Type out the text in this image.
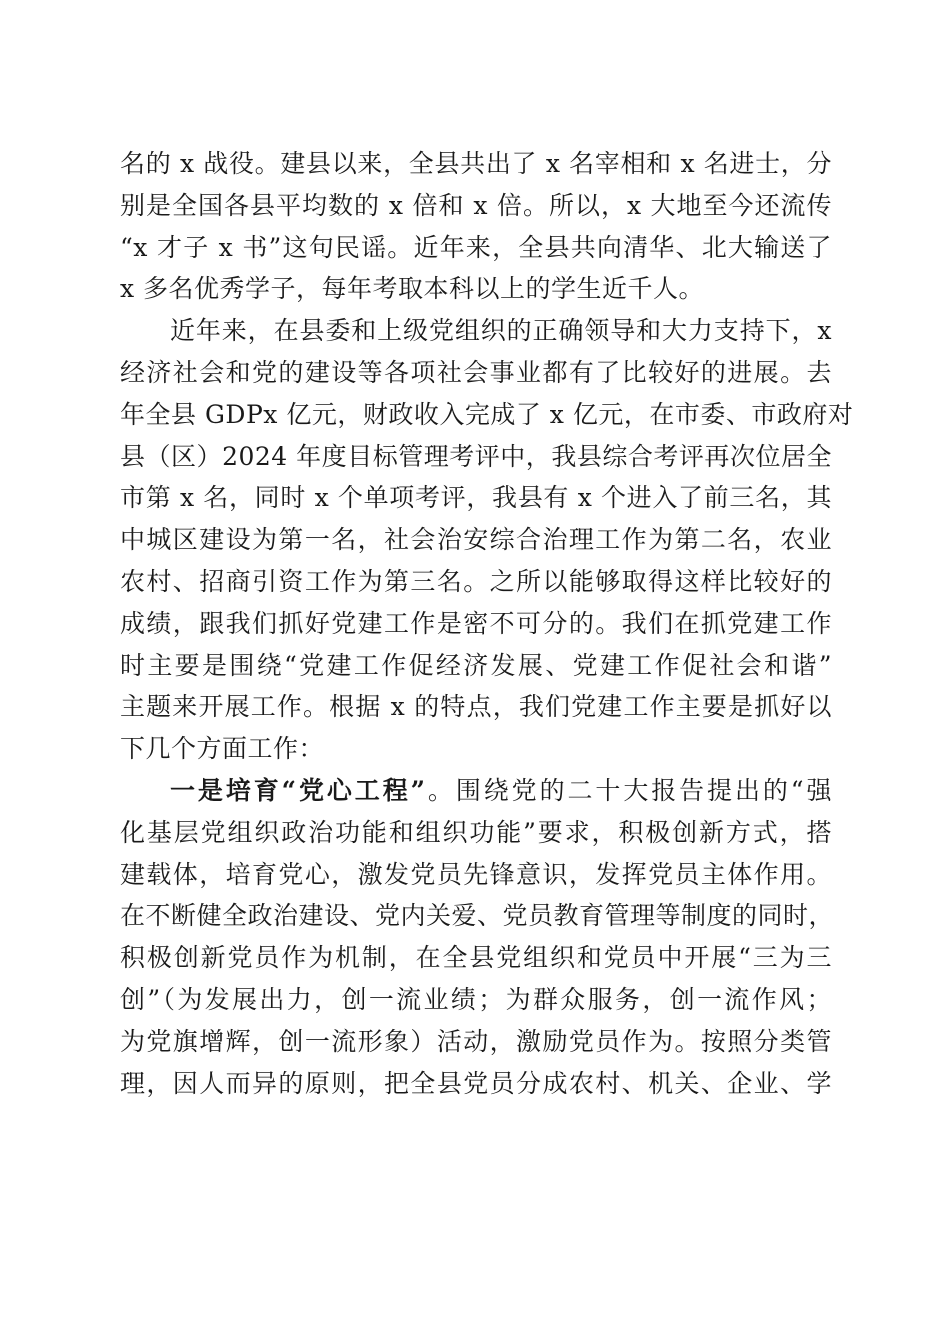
名的 x 战役。建县以来，全县共出了 x 名宰相和 x 名进士，分
别是全国各县平均数的 x 倍和 x 倍。所以，x 大地至今还流传
“x 才子 x 书”这句民谣。近年来，全县共向清华、北大输送了
x 多名优秀学子，每年考取本科以上的学生近千人。
近年来，在县委和上级党组织的正确领导和大力支持下，x
经济社会和党的建设等各项社会事业都有了比较好的进展。去
年全县 GDPx 亿元，财政收入完成了 x 亿元，在市委、市政府对
县（区）2024 年度目标管理考评中，我县综合考评再次位居全
市第 x 名，同时 x 个单项考评，我县有 x 个进入了前三名，其
中城区建设为第一名，社会治安综合治理工作为第二名，农业
农村、招商引资工作为第三名。之所以能够取得这样比较好的
成绩，跟我们抓好党建工作是密不可分的。我们在抓党建工作
时主要是围绕“党建工作促经济发展、党建工作促社会和谐”
主题来开展工作。根据 x 的特点，我们党建工作主要是抓好以
下几个方面工作：
一是培育“党心工程”。围绕党的二十大报告提出的“强
化基层党组织政治功能和组织功能”要求，积极创新方式，搭
建载体，培育党心，激发党员先锋意识，发挥党员主体作用。
在不断健全政治建设、党内关爱、党员教育管理等制度的同时，
积极创新党员作为机制，在全县党组织和党员中开展“三为三
创”（为发展出力，创一流业绩；为群众服务，创一流作风；
为党旗增辉，创一流形象）活动，激励党员作为。按照分类管
理，因人而异的原则，把全县党员分成农村、机关、企业、学
